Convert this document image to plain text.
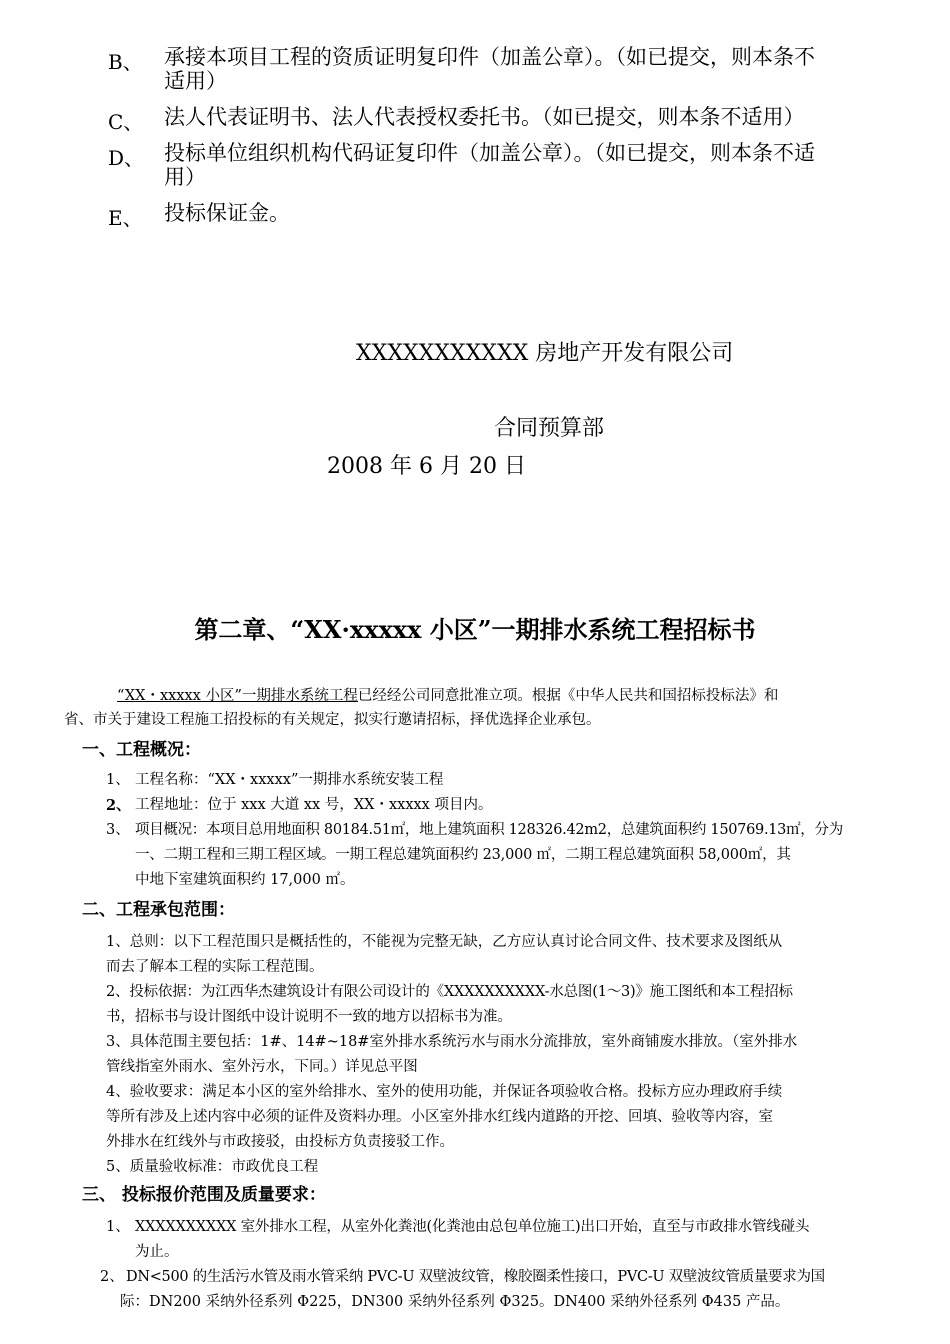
B、 承接本项目工程的资质证明复印件（加盖公章）。（如已提交，则本条不
适用）
C、 法人代表证明书、法人代表授权委托书。（如已提交，则本条不适用）
D、 投标单位组织机构代码证复印件（加盖公章）。（如已提交，则本条不适
用）
E、 投标保证金。
XXXXXXXXXXX 房地产开发有限公司
合同预算部
2008 年 6 月 20 日
第二章、“XX·xxxxx 小区”一期排水系统工程招标书
“XX・xxxxx 小区”一期排水系统工程已经经公司同意批准立项。根据《中华人民共和国招标投标法》和
省、市关于建设工程施工招投标的有关规定，拟实行邀请招标，择优选择企业承包。
一、工程概况：
1、 工程名称：“XX・xxxxx”一期排水系统安装工程
2、 工程地址：位于 xxx 大道 xx 号，XX・xxxxx 项目内。
3、 项目概况：本项目总用地面积 80184.51㎡，地上建筑面积 128326.42m2，总建筑面积约 150769.13㎡，分为
一、二期工程和三期工程区域。一期工程总建筑面积约 23,000 ㎡，二期工程总建筑面积 58,000㎡，其
中地下室建筑面积约 17,000 ㎡。
二、工程承包范围：
1、总则：以下工程范围只是概括性的，不能视为完整无缺，乙方应认真讨论合同文件、技术要求及图纸从
而去了解本工程的实际工程范围。
2、投标依据：为江西华杰建筑设计有限公司设计的《XXXXXXXXXX-水总图(1～3)》施工图纸和本工程招标
书，招标书与设计图纸中设计说明不一致的地方以招标书为准。
3、具体范围主要包括：1#、14#~18#室外排水系统污水与雨水分流排放，室外商铺废水排放。（室外排水
管线指室外雨水、室外污水，下同。）详见总平图
4、验收要求：满足本小区的室外给排水、室外的使用功能，并保证各项验收合格。投标方应办理政府手续
等所有涉及上述内容中必须的证件及资料办理。小区室外排水红线内道路的开挖、回填、验收等内容，室
外排水在红线外与市政接驳，由投标方负责接驳工作。
5、质量验收标准：市政优良工程
三、 投标报价范围及质量要求：
1、 XXXXXXXXXX 室外排水工程，从室外化粪池(化粪池由总包单位施工)出口开始，直至与市政排水管线碰头
为止。
2、 DN<500 的生活污水管及雨水管采纳 PVC-U 双壁波纹管，橡胶圈柔性接口，PVC-U 双壁波纹管质量要求为国
际：DN200 采纳外径系列 Φ225，DN300 采纳外径系列 Φ325。DN400 采纳外径系列 Φ435 产品。
